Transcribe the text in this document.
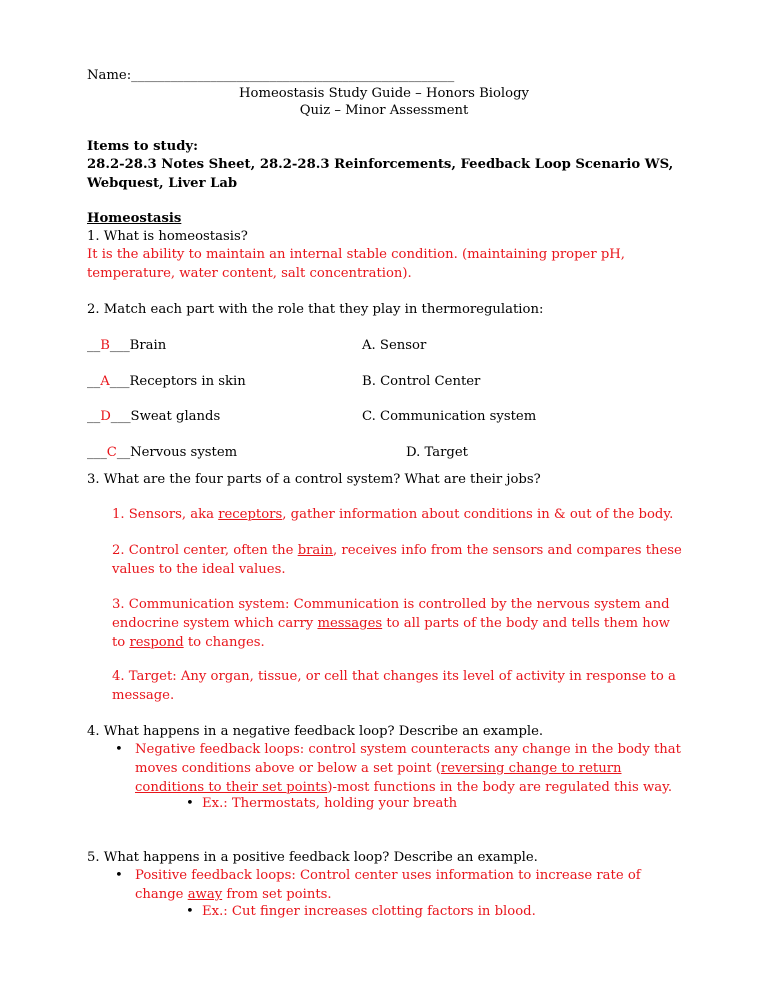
Name:_________________________________________________
Homeostasis Study Guide – Honors Biology
Quiz – Minor Assessment
Items to study:
28.2-28.3 Notes Sheet, 28.2-28.3 Reinforcements, Feedback Loop Scenario WS, Webquest, Liver Lab
Homeostasis
1. What is homeostasis?
It is the ability to maintain an internal stable condition. (maintaining proper pH, temperature, water content, salt concentration).
2. Match each part with the role that they play in thermoregulation:
__B___Brain	A. Sensor
__A___Receptors in skin	B. Control Center
__D___Sweat glands	C. Communication system
___C__Nervous system	D. Target
3. What are the four parts of a control system? What are their jobs?
1. Sensors, aka receptors, gather information about conditions in & out of the body.
2. Control center, often the brain, receives info from the sensors and compares these values to the ideal values.
3. Communication system: Communication is controlled by the nervous system and endocrine system which carry messages to all parts of the body and tells them how to respond to changes.
4. Target: Any organ, tissue, or cell that changes its level of activity in response to a message.
4. What happens in a negative feedback loop? Describe an example.
• Negative feedback loops: control system counteracts any change in the body that moves conditions above or below a set point (reversing change to return conditions to their set points)-most functions in the body are regulated this way.
• Ex.: Thermostats, holding your breath
5. What happens in a positive feedback loop? Describe an example.
• Positive feedback loops: Control center uses information to increase rate of change away from set points.
• Ex.: Cut finger increases clotting factors in blood.
